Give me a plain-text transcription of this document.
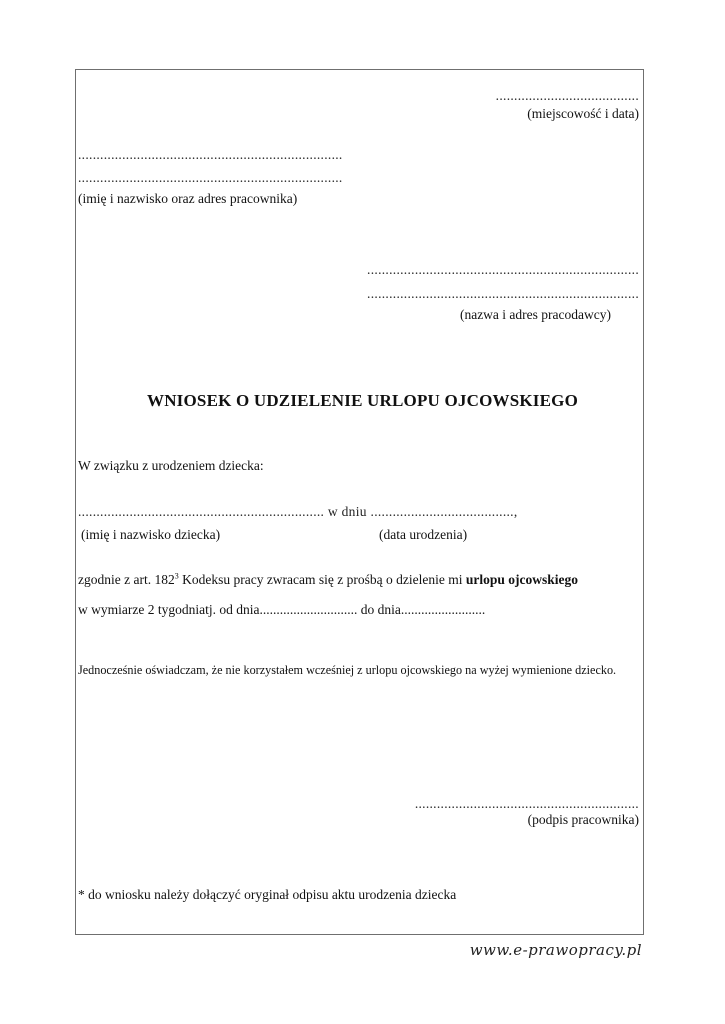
.......................................
(miejscowość i data)
........................................................................
........................................................................
(imię i nazwisko oraz adres pracownika)
..........................................................................
..........................................................................
(nazwa i adres pracodawcy)
WNIOSEK O UDZIELENIE URLOPU OJCOWSKIEGO
W związku z urodzeniem dziecka:
................................................................... w dniu .......................................,
(imię i nazwisko dziecka)	(data urodzenia)
zgodnie z art. $182^3$ Kodeksu pracy zwracam się z prośbą o dzielenie mi urlopu ojcowskiego
w wymiarze 2 tygodniatj. od dnia............................. do dnia.........................
Jednocześnie oświadczam, że nie korzystałem wcześniej z urlopu ojcowskiego na wyżej wymienione dziecko.
.............................................................
(podpis pracownika)
* do wniosku należy dołączyć oryginał odpisu aktu urodzenia dziecka
www.e-prawopracy.pl
